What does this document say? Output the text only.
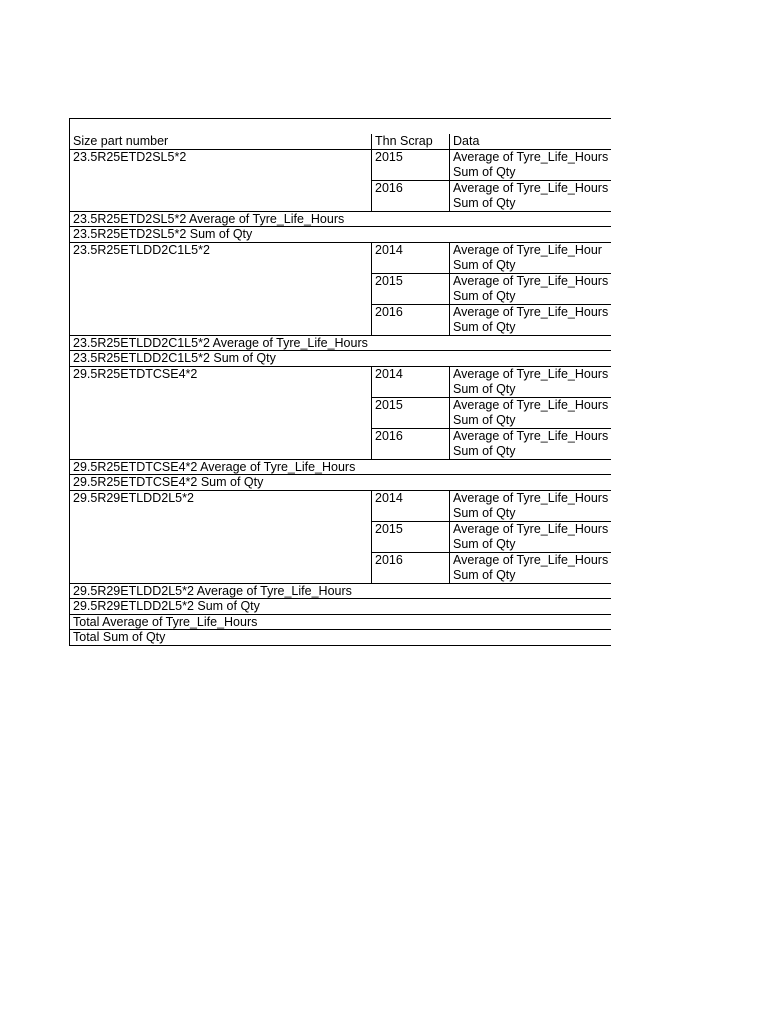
Size part number	Thn Scrap	Data
23.5R25ETD2SL5*2	2015	Average of Tyre_Life_Hours
Sum of Qty
2016	Average of Tyre_Life_Hours
Sum of Qty
23.5R25ETD2SL5*2 Average of Tyre_Life_Hours
23.5R25ETD2SL5*2 Sum of Qty
23.5R25ETLDD2C1L5*2	2014	Average of Tyre_Life_Hour
Sum of Qty
2015	Average of Tyre_Life_Hours
Sum of Qty
2016	Average of Tyre_Life_Hours
Sum of Qty
23.5R25ETLDD2C1L5*2 Average of Tyre_Life_Hours
23.5R25ETLDD2C1L5*2 Sum of Qty
29.5R25ETDTCSE4*2	2014	Average of Tyre_Life_Hours
Sum of Qty
2015	Average of Tyre_Life_Hours
Sum of Qty
2016	Average of Tyre_Life_Hours
Sum of Qty
29.5R25ETDTCSE4*2 Average of Tyre_Life_Hours
29.5R25ETDTCSE4*2 Sum of Qty
29.5R29ETLDD2L5*2	2014	Average of Tyre_Life_Hours
Sum of Qty
2015	Average of Tyre_Life_Hours
Sum of Qty
2016	Average of Tyre_Life_Hours
Sum of Qty
29.5R29ETLDD2L5*2 Average of Tyre_Life_Hours
29.5R29ETLDD2L5*2 Sum of Qty
Total Average of Tyre_Life_Hours
Total Sum of Qty
